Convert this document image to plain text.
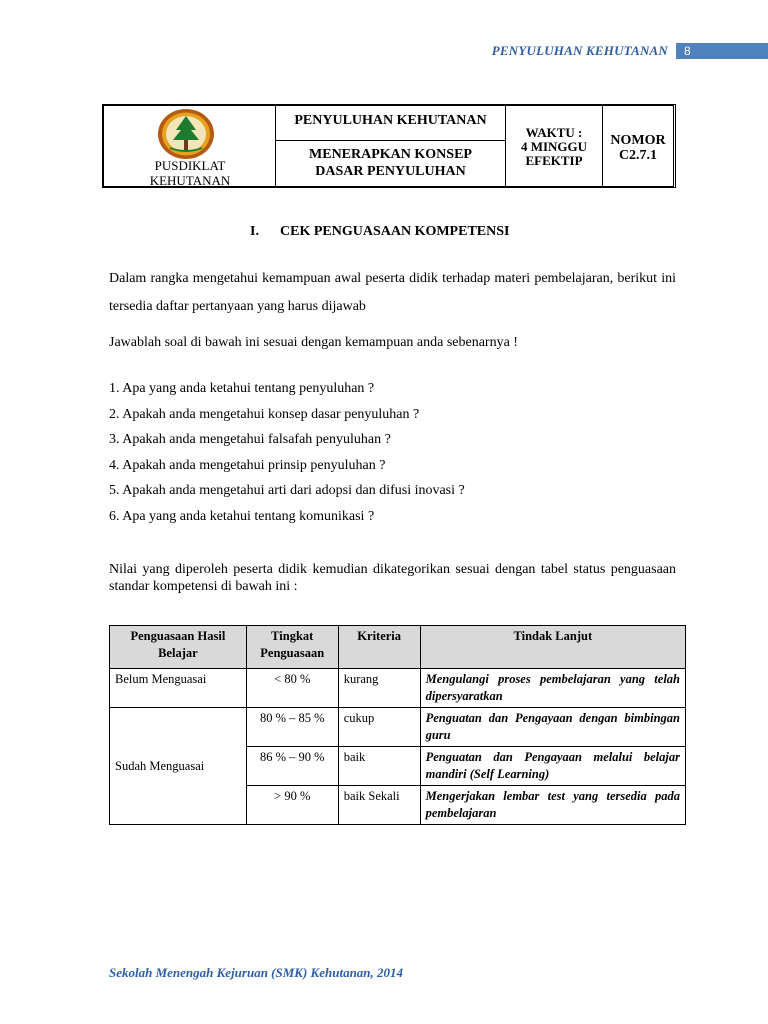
PENYULUHAN KEHUTANAN 8
PUSDIKLAT
KEHUTANAN
PENYULUHAN KEHUTANAN
MENERAPKAN KONSEP
DASAR PENYULUHAN
WAKTU :
4 MINGGU
EFEKTIP
NOMOR
C2.7.1
I. CEK PENGUASAAN KOMPETENSI
Dalam rangka mengetahui kemampuan awal peserta didik terhadap materi pembelajaran, berikut ini tersedia daftar pertanyaan yang harus dijawab
Jawablah soal di bawah ini sesuai dengan kemampuan anda sebenarnya !
1. Apa yang anda ketahui tentang penyuluhan ?
2. Apakah anda mengetahui konsep dasar penyuluhan ?
3. Apakah anda mengetahui falsafah penyuluhan ?
4. Apakah anda mengetahui prinsip penyuluhan ?
5. Apakah anda mengetahui arti dari adopsi dan difusi inovasi ?
6. Apa yang anda ketahui tentang komunikasi ?
Nilai yang diperoleh peserta didik kemudian dikategorikan sesuai dengan tabel status penguasaan standar kompetensi di bawah ini :
Penguasaan Hasil Belajar	Tingkat Penguasaan	Kriteria	Tindak Lanjut
Belum Menguasai	< 80 %	kurang	Mengulangi proses pembelajaran yang telah dipersyaratkan
Sudah Menguasai	80 % – 85 %	cukup	Penguatan dan Pengayaan dengan bimbingan guru
	86 % – 90 %	baik	Penguatan dan Pengayaan melalui belajar mandiri (Self Learning)
	> 90 %	baik Sekali	Mengerjakan lembar test yang tersedia pada pembelajaran
Sekolah Menengah Kejuruan (SMK) Kehutanan, 2014
